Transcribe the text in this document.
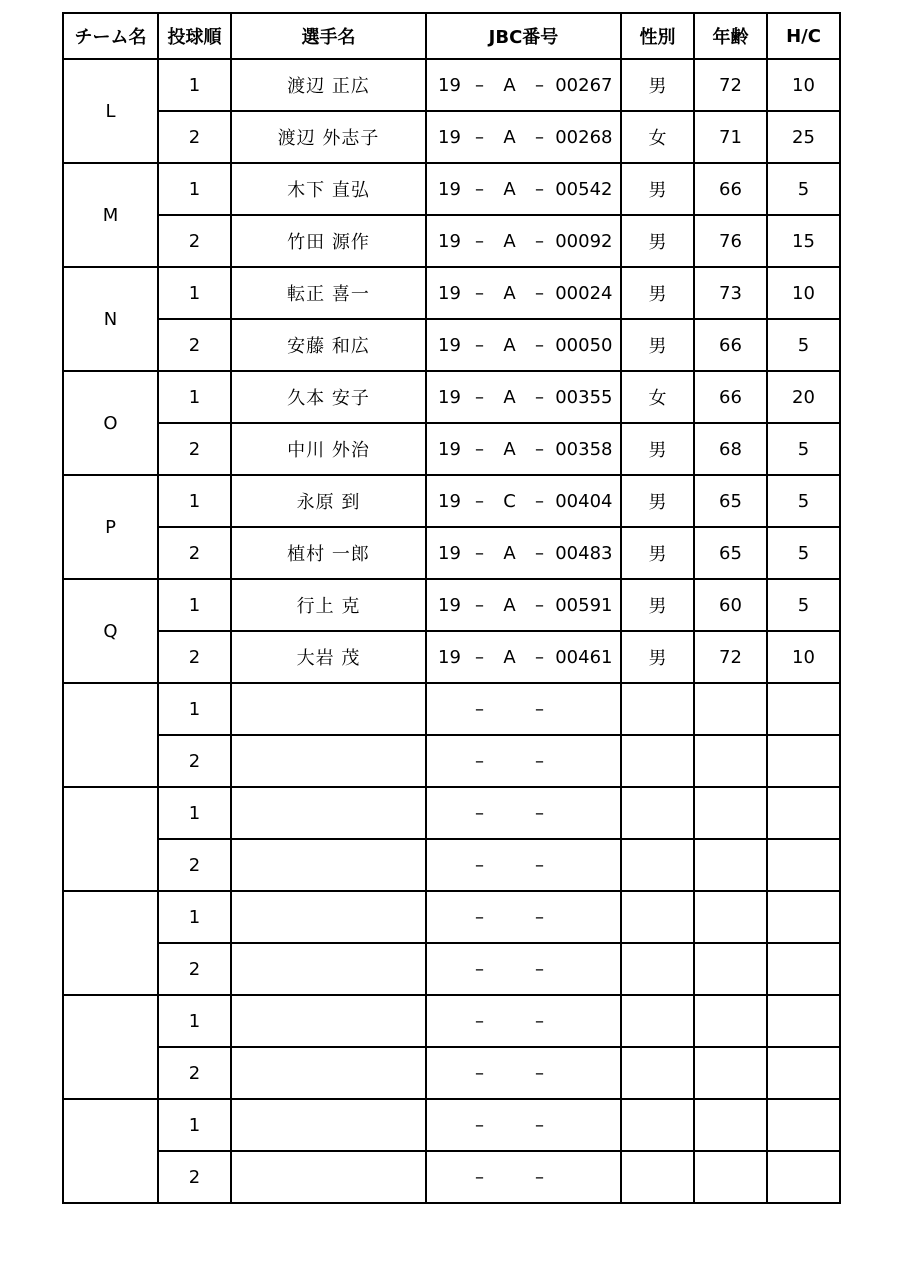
チーム名	投球順	選手名	JBC番号	性別	年齢	H/C
L	1	渡辺 正広	19 – A – 00267	男	72	10
	2	渡辺 外志子	19 – A – 00268	女	71	25
M	1	木下 直弘	19 – A – 00542	男	66	5
	2	竹田 源作	19 – A – 00092	男	76	15
N	1	転正 喜一	19 – A – 00024	男	73	10
	2	安藤 和広	19 – A – 00050	男	66	5
O	1	久本 安子	19 – A – 00355	女	66	20
	2	中川 外治	19 – A – 00358	男	68	5
P	1	永原 到	19 – C – 00404	男	65	5
	2	植村 一郎	19 – A – 00483	男	65	5
Q	1	行上 克	19 – A – 00591	男	60	5
	2	大岩 茂	19 – A – 00461	男	72	10
	1		– –			
	2		– –			
	1		– –			
	2		– –			
	1		– –			
	2		– –			
	1		– –			
	2		– –			
	1		– –			
	2		– –			
